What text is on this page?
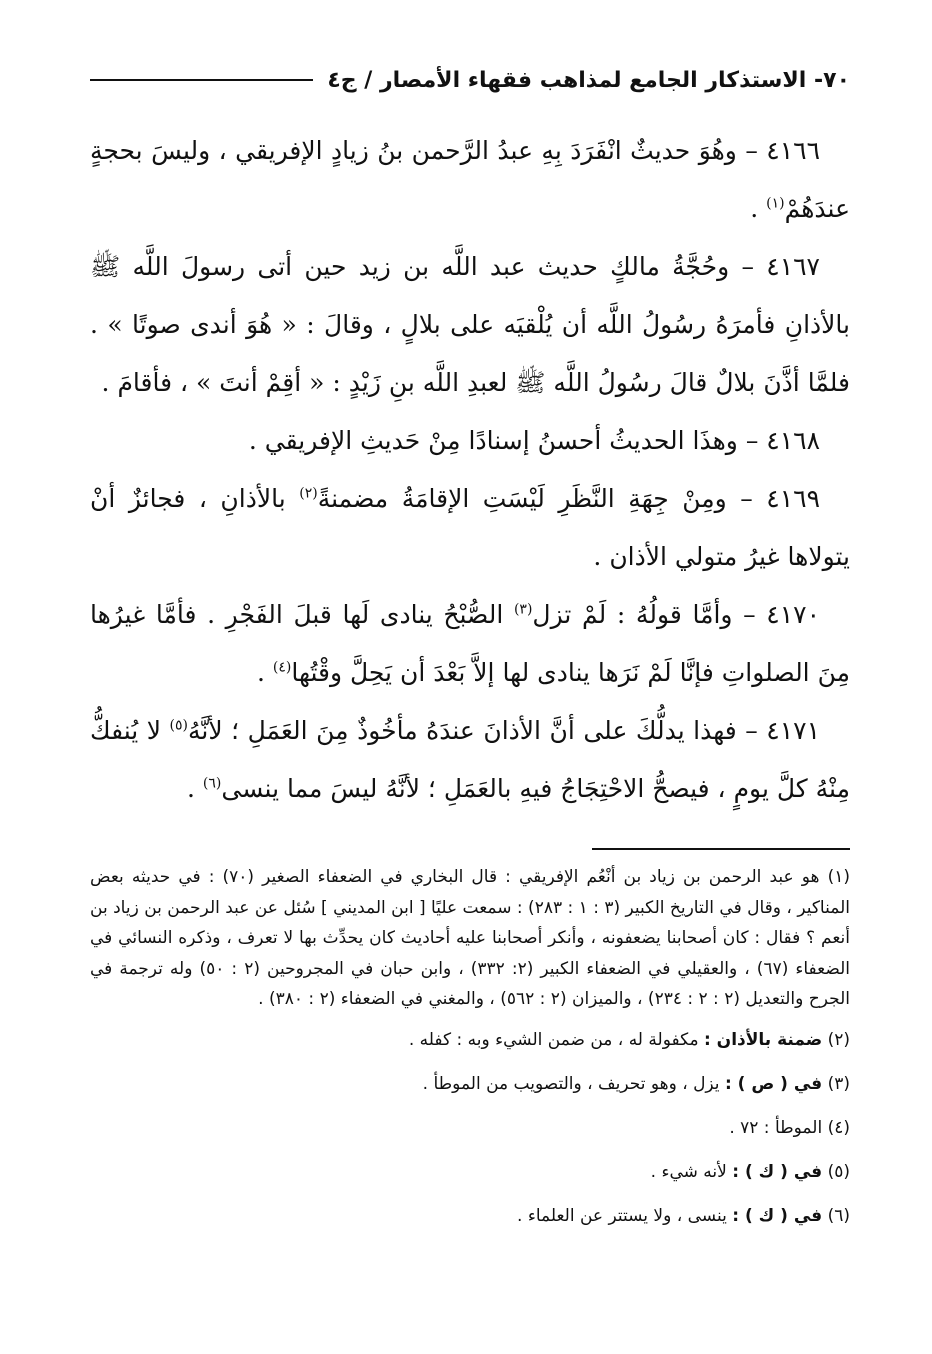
٧٠- الاستذكار الجامع لمذاهب فقهاء الأمصار / ج٤

٤١٦٦ – وهُوَ حديثٌ انْفَرَدَ بِهِ عبدُ الرَّحمن بنُ زيادٍ الإفريقي ، وليسَ بحجةٍ عندَهُمْ$^{(١)}$ .

٤١٦٧ – وحُجَّةُ مالكٍ حديث عبد اللَّه بن زيد حين أتى رسولَ اللَّه ﷺ بالأذانِ فأمرَهُ رسُولُ اللَّه أن يُلْقيَه على بلالٍ ، وقالَ : « هُوَ أندى صوتًا » . فلمَّا أذَّنَ بلالٌ قالَ رسُولُ اللَّه ﷺ لعبدِ اللَّه بنِ زَيْدٍ : « أقِمْ أنتَ » ، فأقامَ .

٤١٦٨ – وهذَا الحديثُ أحسنُ إسنادًا مِنْ حَديثِ الإفريقي .

٤١٦٩ – ومِنْ جِهَةِ النَّظَرِ لَيْسَتِ الإقامَةُ مضمنةً$^{(٢)}$ بالأذانِ ، فجائزٌ أنْ يتولاها غيرُ متولي الأذان .

٤١٧٠ – وأمَّا قولُهُ : لَمْ تزل$^{(٣)}$ الصُّبْحُ ينادى لَها قبلَ الفَجْرِ . فأمَّا غيرُها مِنَ الصلواتِ فإنَّا لَمْ نَرَها ينادى لها إلاَّ بَعْدَ أن يَحِلَّ وقْتُها$^{(٤)}$ .

٤١٧١ – فهذا يدلُّكَ على أنَّ الأذانَ عندَهُ مأخُوذٌ مِنَ العَمَلِ ؛ لأنَّهُ$^{(٥)}$ لا يُنفكُّ مِنْهُ كلَّ يومٍ ، فيصحُّ الاحْتِجَاجُ فيهِ بالعَمَلِ ؛ لأنَّهُ ليسَ مما ينسى$^{(٦)}$ .

(١) هو عبد الرحمن بن زياد بن أنْعُم الإفريقي : قال البخاري في الضعفاء الصغير (٧٠) : في حديثه بعض المناكير ، وقال في التاريخ الكبير (٣ : ١ : ٢٨٣) : سمعت عليًا [ ابن المديني ] سُئل عن عبد الرحمن بن زياد بن أنعم ؟ فقال : كان أصحابنا يضعفونه ، وأنكر أصحابنا عليه أحاديث كان يحدِّث بها لا تعرف ، وذكره النسائي في الضعفاء (٦٧) ، والعقيلي في الضعفاء الكبير (٢: ٣٣٢) ، وابن حبان في المجروحين (٢ : ٥٠) وله ترجمة في الجرح والتعديل (٢ : ٢ : ٢٣٤) ، والميزان (٢ : ٥٦٢) ، والمغني في الضعفاء (٢ : ٣٨٠) .

(٢) ضمنة بالأذان : مكفولة له ، من ضمن الشيء وبه : كفله .

(٣) في ( ص ) : يزل ، وهو تحريف ، والتصويب من الموطأ .

(٤) الموطأ : ٧٢ .

(٥) في ( ك ) : لأنه شيء .

(٦) في ( ك ) : ينسى ، ولا يستتر عن العلماء .
